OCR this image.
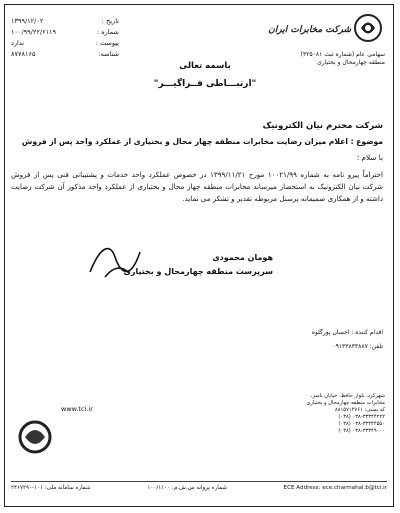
تاریخ :
۱۳۹۹/۱۲/۰۲
شماره :
۱۰۰/۹۹/۲۲/۶۱۱۹
پیوست :
ندارد
شناسه:
۸۷۷۸۱۶۵
شرکت مخابرات ایران
سهامی عام (شماره ثبت ۳۲۵۰۸۱)
منطقه چهارمحال و بختیاری
باسمه تعالی
"ارتبـــاطی فــراگیـــر"
شرکت محترم نیان الکترونیک
موضوع : اعلام میزان رضایت مخابرات منطقه چهار محال و بختیاری از عملکرد واحد پس از فروش
با سلام ؛
احتراماً پیرو نامه به شماره ۱۰۰۲۱/۹۹ مورخ ۱۳۹۹/۱۱/۲۱ در خصوص عملکرد واحد خدمات و پشتیبانی فنی پس از فروش شرکت نیان الکترونیک به استحضار میرساند مخابرات منطقه چهار محال و بختیاری از عملکرد واحد مذکور آن شرکت رضایت داشته و از همکاری صمیمانه پرسنل مربوطه تقدیر و تشکر می نماید.
هومان محمودی
سرپرست منطقه چهارمحال و بختیاری
اقدام کننده : احسان پورگلوه
تلفن: ۰۹۱۳۳۸۳۳۸۸۷
شهرکرد، بلوار حافظ، خیابان یاسر،
مخابرات منطقه چهارمحال و بختیاری
کد پستی: ۸۸۱۵۷۱۴۷۶۱
۰۳۸-۳۳۳۴۴۲۲۲ (۰۳۸)
۰۳۸-۳۳۳۴۴۵۵۰ (۰۳۸)
۰۳۸-۳۳۳۴۹۰۰۰ (۰۳۸)
www.tci.ir
ECE Address: ece.charmahal.b@tci.ir
شماره پروانه س.ش.م: ۱۰۰/۱۱۰۰
شماره سامانه ملی: ۱۰۱-۲۴۶۷۲۹۰
